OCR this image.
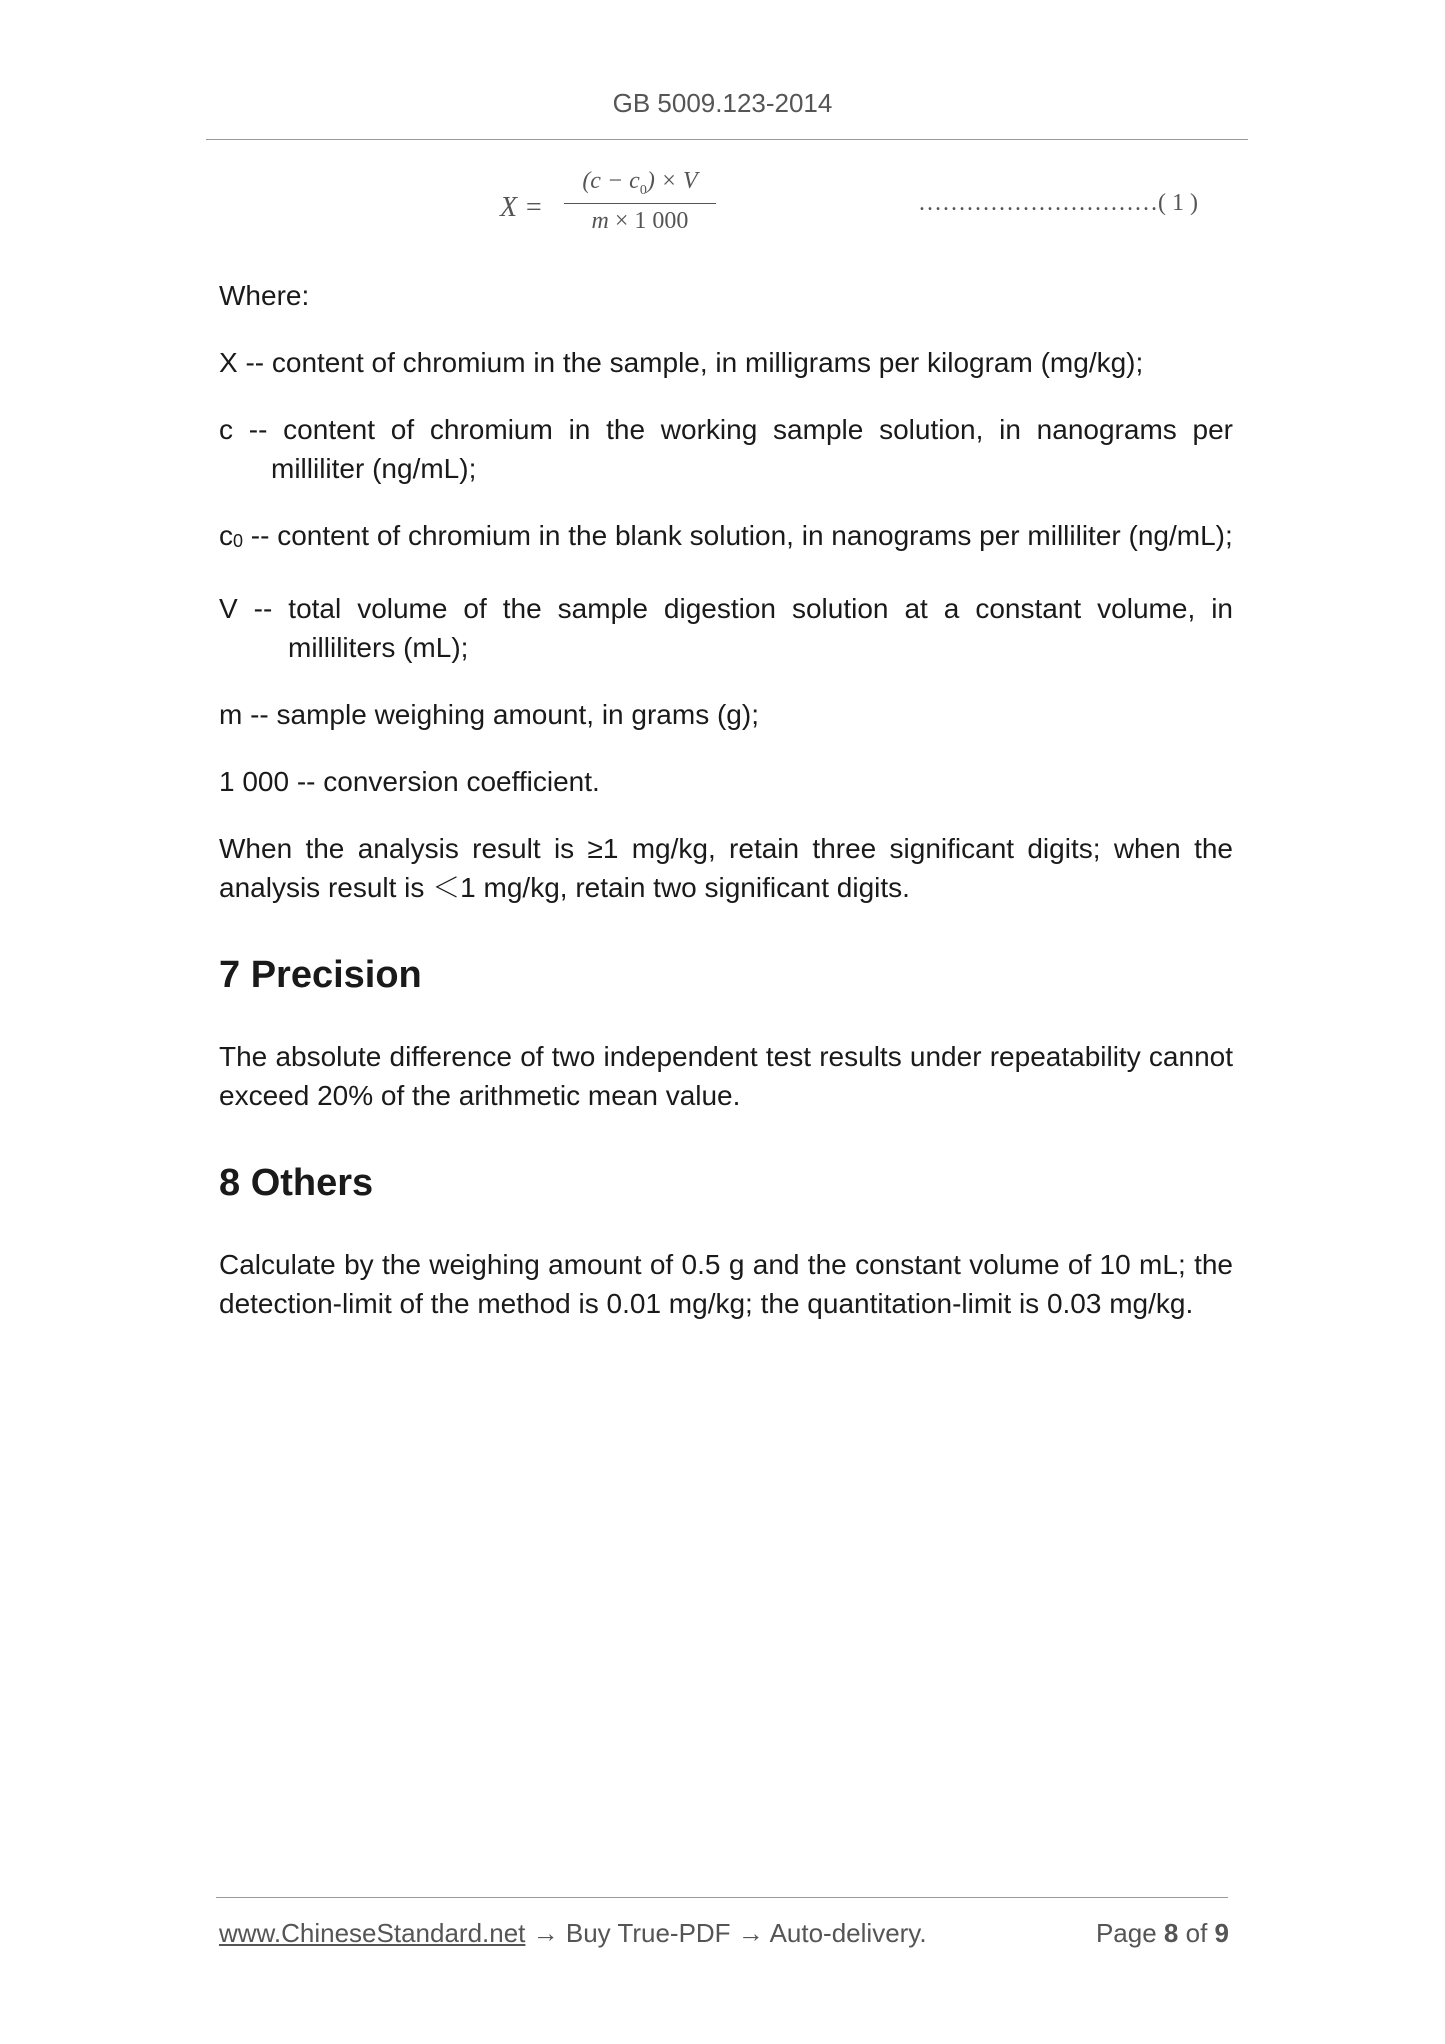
GB 5009.123-2014
X =
$(c - c_0) \times V$
m × 1 000
…………………………( 1 )

Where:

X -- content of chromium in the sample, in milligrams per kilogram (mg/kg);

c -- content of chromium in the working sample solution, in nanograms per milliliter (ng/mL);

$c_0$ -- content of chromium in the blank solution, in nanograms per milliliter (ng/mL);

V -- total volume of the sample digestion solution at a constant volume, in milliliters (mL);

m -- sample weighing amount, in grams (g);

1 000 -- conversion coefficient.

When the analysis result is ≥1 mg/kg, retain three significant digits; when the analysis result is ＜1 mg/kg, retain two significant digits.

7 Precision

The absolute difference of two independent test results under repeatability cannot exceed 20% of the arithmetic mean value.

8 Others

Calculate by the weighing amount of 0.5 g and the constant volume of 10 mL; the detection-limit of the method is 0.01 mg/kg; the quantitation-limit is 0.03 mg/kg.

www.ChineseStandard.net → Buy True-PDF → Auto-delivery.	Page 8 of 9
